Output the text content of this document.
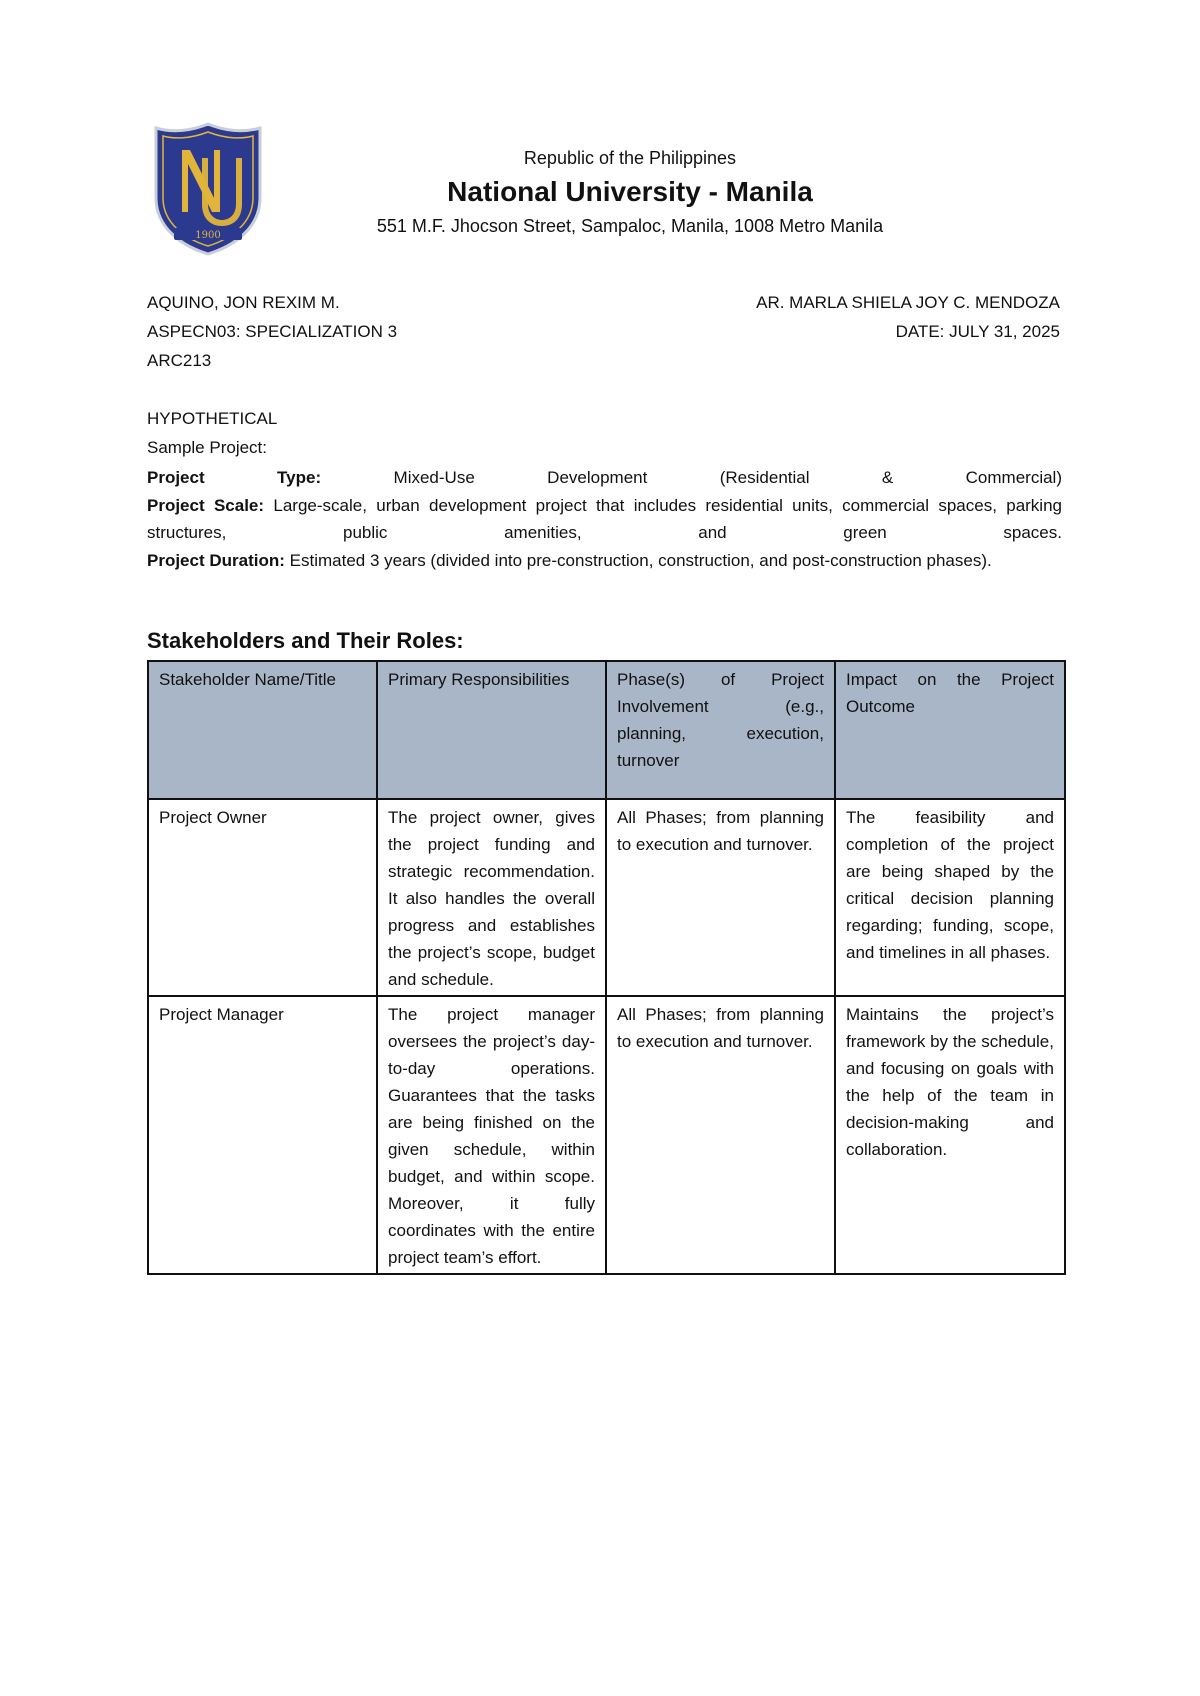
1900
Republic of the Philippines
National University - Manila
551 M.F. Jhocson Street, Sampaloc, Manila, 1008 Metro Manila
AQUINO, JON REXIM M.
ASPECN03: SPECIALIZATION 3
ARC213
AR. MARLA SHIELA JOY C. MENDOZA
DATE: JULY 31, 2025
HYPOTHETICAL
Sample Project:

Project Type:	Mixed-Use Development (Residential & Commercial)

Project Scale: Large-scale, urban development project that includes residential units, commercial spaces, parking structures, public amenities, and green spaces.

Project Duration: Estimated 3 years (divided into pre-construction, construction, and post-construction phases).

Stakeholders and Their Roles:
Stakeholder Name/Title	Primary Responsibilities	Phase(s) of Project Involvement (e.g., planning, execution, turnover	Impact on the Project Outcome
Project Owner	The project owner, gives the project funding and strategic recommendation. It also handles the overall progress and establishes the project’s scope, budget and schedule.	All Phases; from planning to execution and turnover.	The feasibility and completion of the project are being shaped by the critical decision planning regarding; funding, scope, and timelines in all phases.
Project Manager	The project manager oversees the project’s day-to-day operations. Guarantees that the tasks are being finished on the given schedule, within budget, and within scope. Moreover, it fully coordinates with the entire project team’s effort.	All Phases; from planning to execution and turnover.	Maintains the project’s framework by the schedule, and focusing on goals with the help of the team in decision-making and collaboration.
